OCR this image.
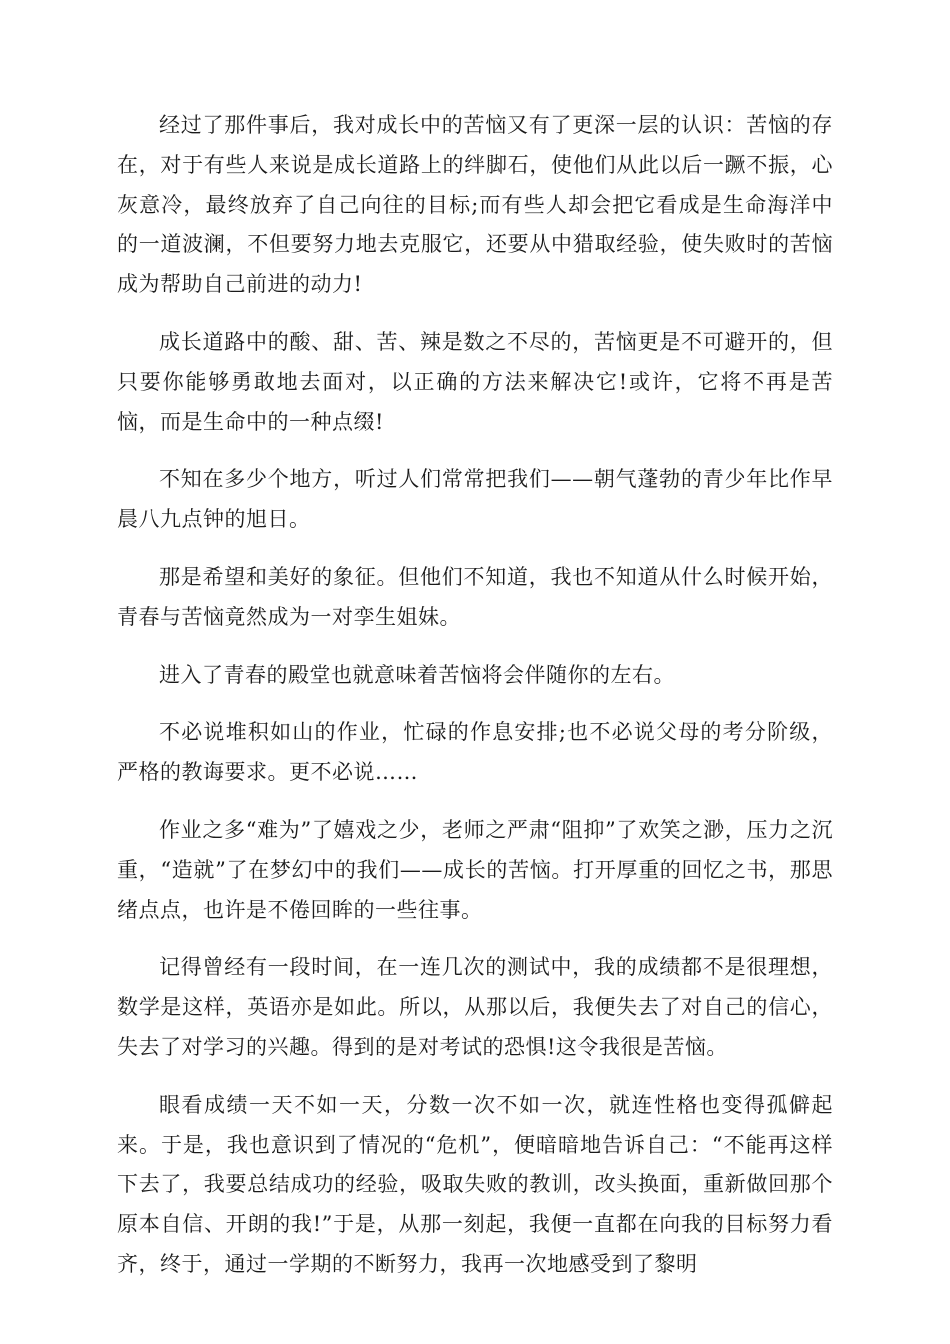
经过了那件事后，我对成长中的苦恼又有了更深一层的认识：苦恼的存在，对于有些人来说是成长道路上的绊脚石，使他们从此以后一蹶不振，心灰意冷，最终放弃了自己向往的目标;而有些人却会把它看成是生命海洋中的一道波澜，不但要努力地去克服它，还要从中猎取经验，使失败时的苦恼成为帮助自己前进的动力!

成长道路中的酸、甜、苦、辣是数之不尽的，苦恼更是不可避开的，但只要你能够勇敢地去面对，以正确的方法来解决它!或许，它将不再是苦恼，而是生命中的一种点缀!

不知在多少个地方，听过人们常常把我们——朝气蓬勃的青少年比作早晨八九点钟的旭日。

那是希望和美好的象征。但他们不知道，我也不知道从什么时候开始，青春与苦恼竟然成为一对孪生姐妹。

进入了青春的殿堂也就意味着苦恼将会伴随你的左右。

不必说堆积如山的作业，忙碌的作息安排;也不必说父母的考分阶级，严格的教诲要求。更不必说……

作业之多“难为”了嬉戏之少，老师之严肃“阻抑”了欢笑之渺，压力之沉重，“造就”了在梦幻中的我们——成长的苦恼。打开厚重的回忆之书，那思绪点点，也许是不倦回眸的一些往事。

记得曾经有一段时间，在一连几次的测试中，我的成绩都不是很理想，数学是这样，英语亦是如此。所以，从那以后，我便失去了对自己的信心，失去了对学习的兴趣。得到的是对考试的恐惧!这令我很是苦恼。

眼看成绩一天不如一天，分数一次不如一次，就连性格也变得孤僻起来。于是，我也意识到了情况的“危机”，便暗暗地告诉自己：“不能再这样下去了，我要总结成功的经验，吸取失败的教训，改头换面，重新做回那个原本自信、开朗的我!”于是，从那一刻起，我便一直都在向我的目标努力看齐，终于，通过一学期的不断努力，我再一次地感受到了黎明
